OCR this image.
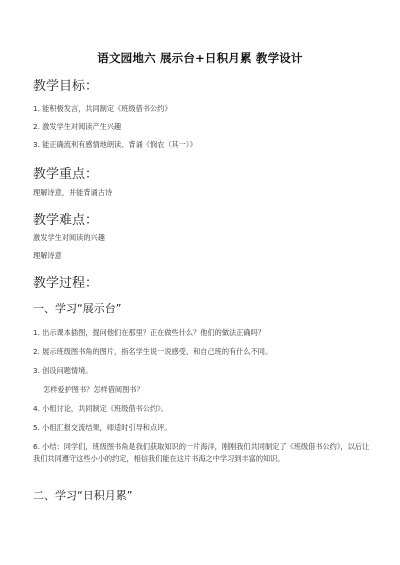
语文园地六 展示台+日积月累 教学设计
教学目标：
1. 能积极发言，共同制定《班级借书公约》
2. 激发学生对阅读产生兴趣
3. 能正确流利有感情地朗读、背诵《悯农（其一）》
教学重点：
理解诗意，并能背诵古诗
教学难点：
激发学生对阅读的兴趣
理解诗意
教学过程：
一、学习“展示台”
1. 出示课本插图，提问他们在那里？正在做些什么？他们的做法正确吗？
2. 展示班级图书角的图片，指名学生说一说感受、和自己班的有什么不同。
3. 创设问题情境。
怎样爱护图书？怎样借阅图书？
4. 小组讨论，共同制定《班级借书公约》。
5. 小组汇报交流结果，师适时引导和点评。
6. 小结：同学们，班级图书角是我们获取知识的一片海洋，刚刚我们共同制定了《班级借书公约》，以后让我们共同遵守这些小小的约定，相信我们能在这片书海之中学习到丰富的知识。
二、学习“日积月累”
